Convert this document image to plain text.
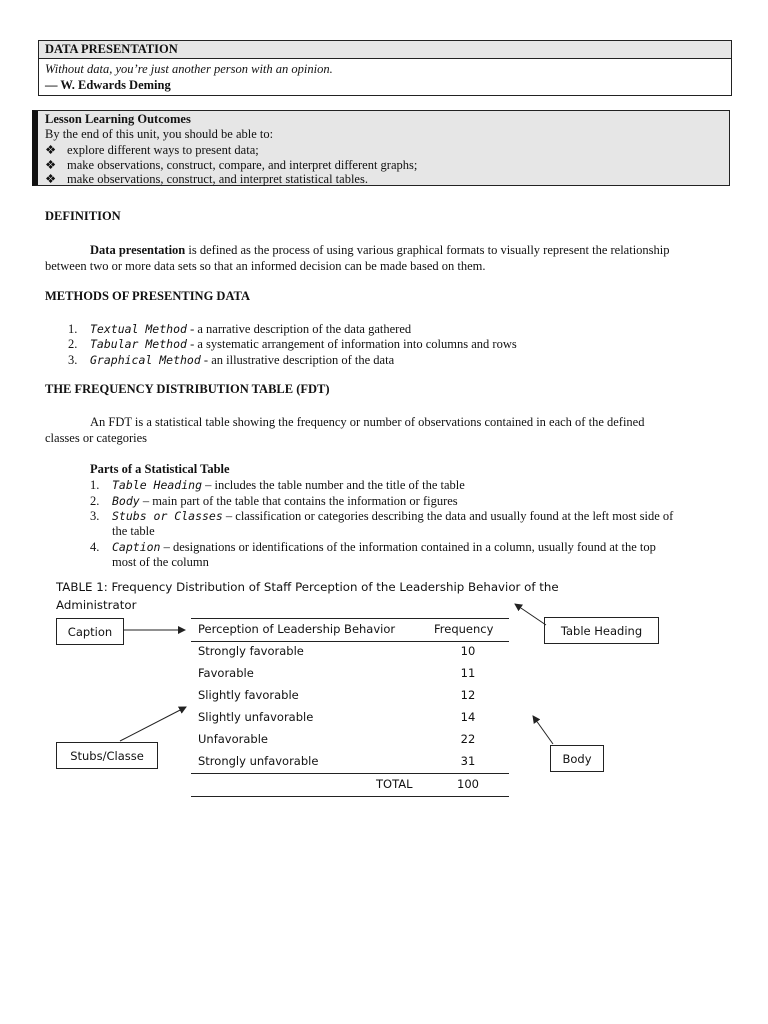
DATA PRESENTATION
Without data, you’re just another person with an opinion.
— W. Edwards Deming
Lesson Learning Outcomes
By the end of this unit, you should be able to:
❖ explore different ways to present data;
❖ make observations, construct, compare, and interpret different graphs;
❖ make observations, construct, and interpret statistical tables.
DEFINITION
Data presentation is defined as the process of using various graphical formats to visually represent the relationship
between two or more data sets so that an informed decision can be made based on them.
METHODS OF PRESENTING DATA
1. Textual Method - a narrative description of the data gathered
2. Tabular Method - a systematic arrangement of information into columns and rows
3. Graphical Method - an illustrative description of the data
THE FREQUENCY DISTRIBUTION TABLE (FDT)
An FDT is a statistical table showing the frequency or number of observations contained in each of the defined
classes or categories
Parts of a Statistical Table
1. Table Heading – includes the table number and the title of the table
2. Body – main part of the table that contains the information or figures
3. Stubs or Classes – classification or categories describing the data and usually found at the left most side of
the table
4. Caption – designations or identifications of the information contained in a column, usually found at the top
most of the column
TABLE 1: Frequency Distribution of Staff Perception of the Leadership Behavior of the
Administrator
Perception of Leadership Behavior	Frequency
Strongly favorable	10
Favorable	11
Slightly favorable	12
Slightly unfavorable	14
Unfavorable	22
Strongly unfavorable	31
TOTAL	100
Caption	Table Heading
Stubs/Classe	Body
